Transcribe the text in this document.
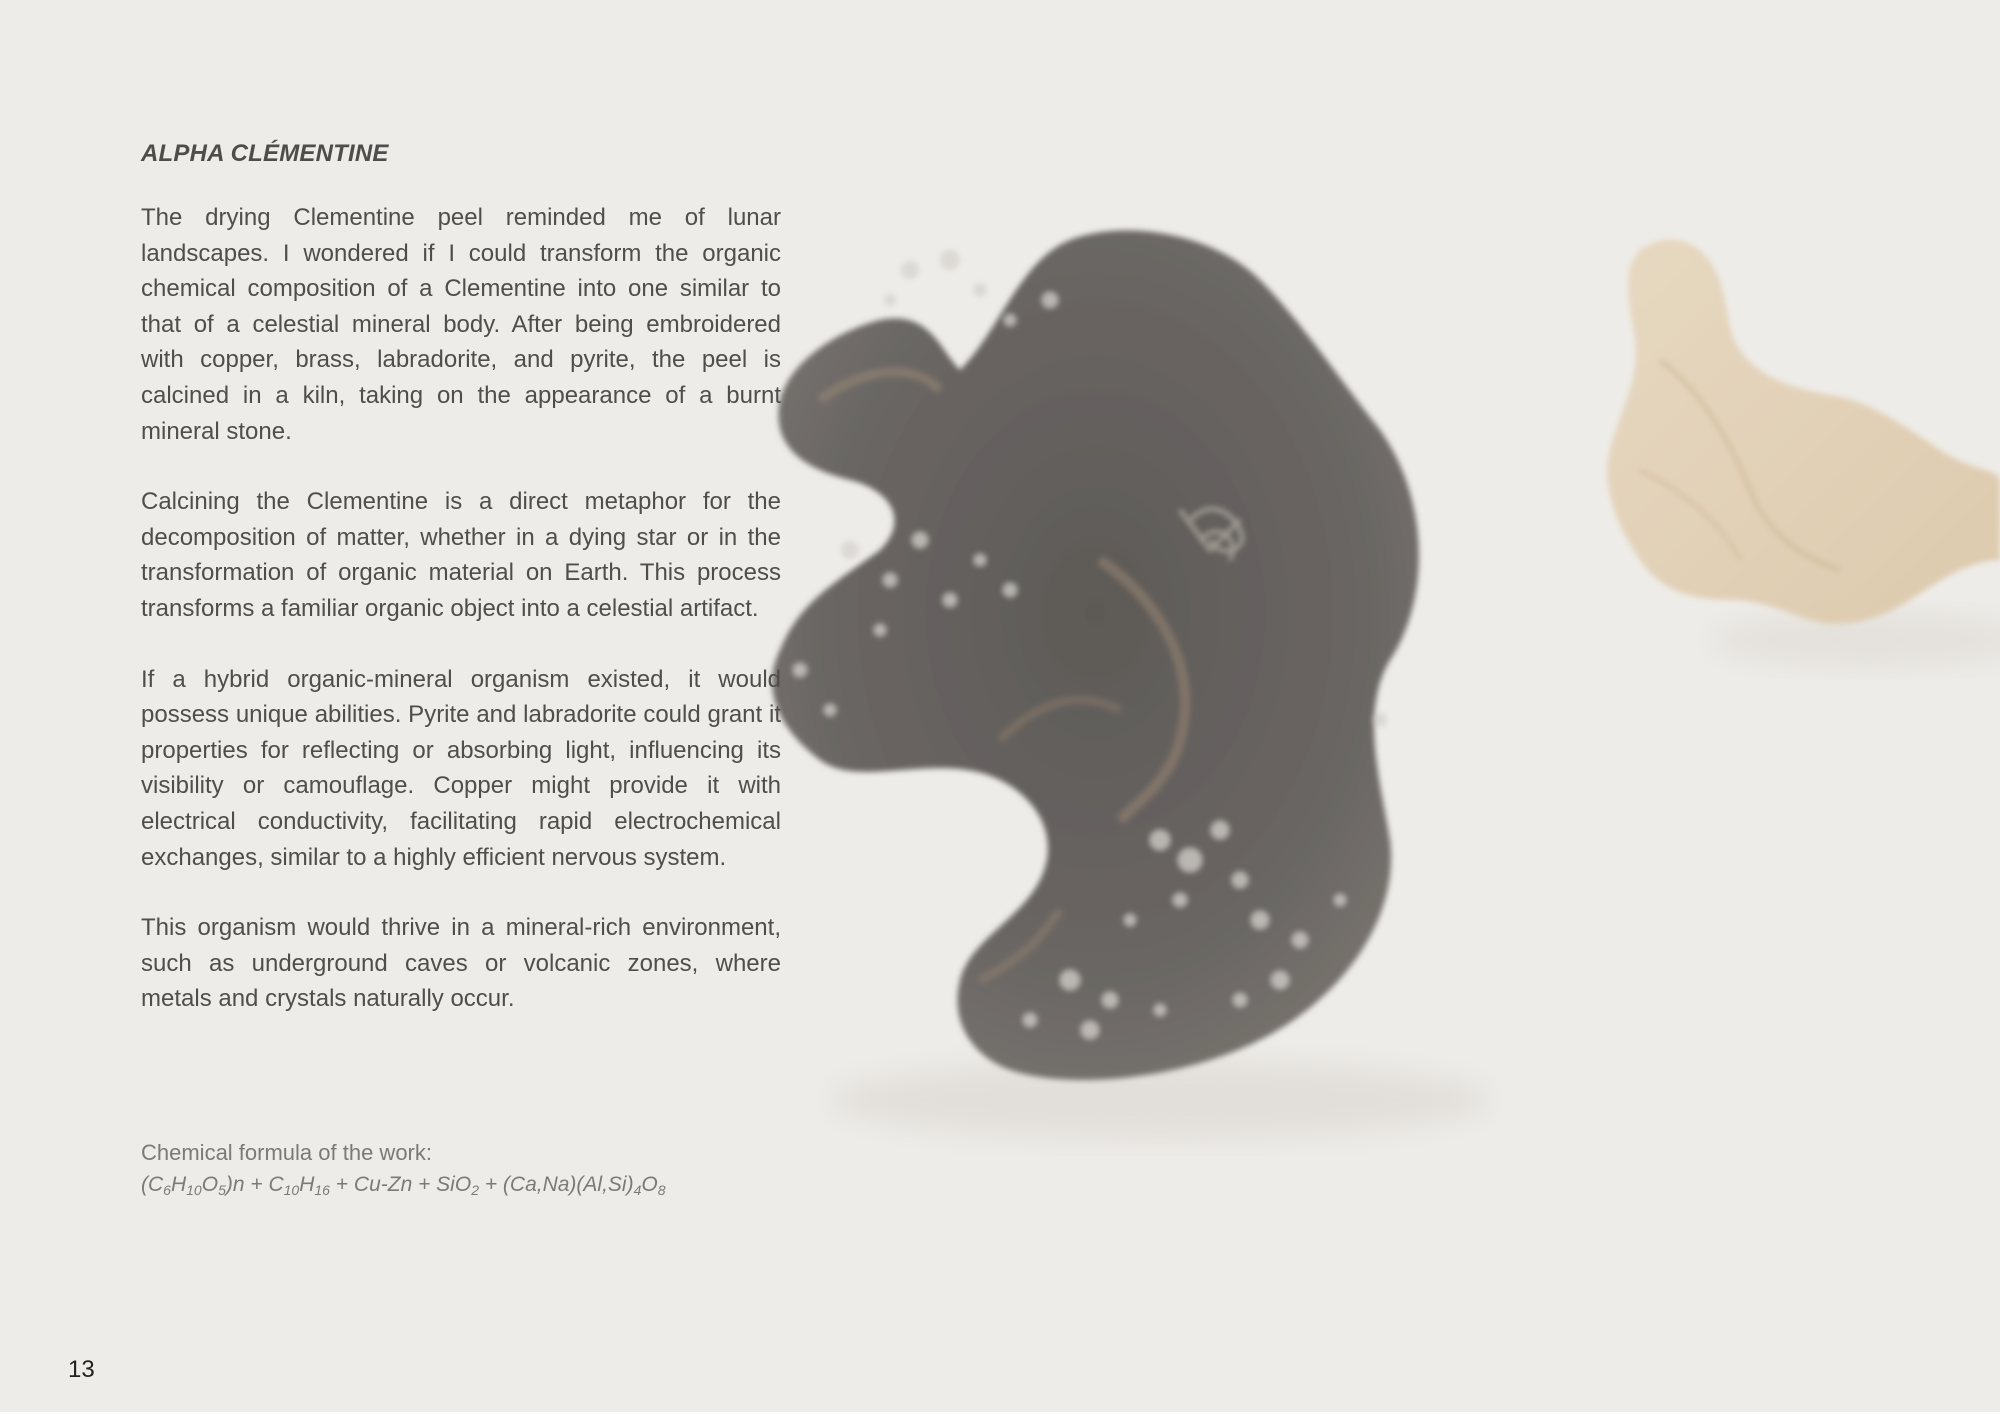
ALPHA CLÉMENTINE

The drying Clementine peel reminded me of lunar landscapes. I wondered if I could transform the organic chemical composition of a Clementine into one similar to that of a celestial mineral body. After being embroidered with copper, brass, labradorite, and pyrite, the peel is calcined in a kiln, taking on the appearance of a burnt mineral stone.

Calcining the Clementine is a direct metaphor for the decomposition of matter, whether in a dying star or in the transformation of organic material on Earth. This process transforms a familiar organic object into a celestial artifact.

If a hybrid organic-mineral organism existed, it would possess unique abilities. Pyrite and labradorite could grant it properties for reflecting or absorbing light, influencing its visibility or camouflage. Copper might provide it with electrical conductivity, facilitating rapid electrochemical exchanges, similar to a highly efficient nervous system.

This organism would thrive in a mineral-rich environment, such as underground caves or volcanic zones, where metals and crystals naturally occur.

Chemical formula of the work:
$(C_6H_{10}O_5)n + C_{10}H_{16} + Cu-Zn + SiO_2 + (Ca,Na)(Al,Si)_4O_8$
13
